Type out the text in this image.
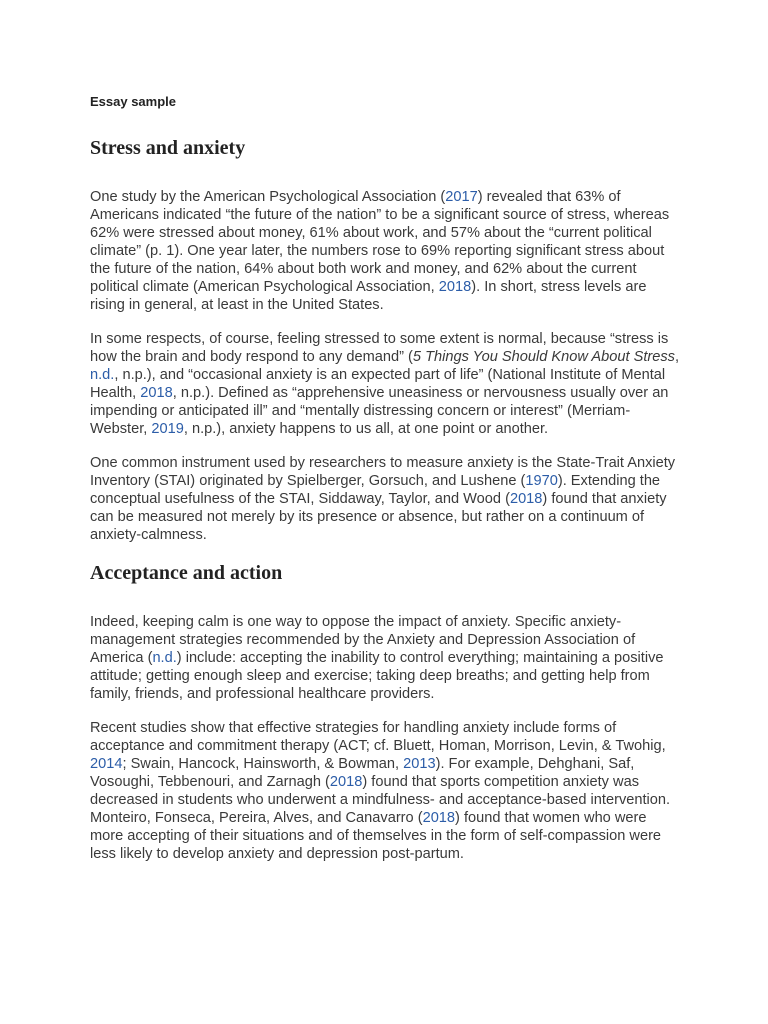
Essay sample
Stress and anxiety

One study by the American Psychological Association (2017) revealed that 63% of Americans indicated “the future of the nation” to be a significant source of stress, whereas 62% were stressed about money, 61% about work, and 57% about the “current political climate” (p. 1). One year later, the numbers rose to 69% reporting significant stress about the future of the nation, 64% about both work and money, and 62% about the current political climate (American Psychological Association, 2018). In short, stress levels are rising in general, at least in the United States.

In some respects, of course, feeling stressed to some extent is normal, because “stress is how the brain and body respond to any demand” (5 Things You Should Know About Stress, n.d., n.p.), and “occasional anxiety is an expected part of life” (National Institute of Mental Health, 2018, n.p.). Defined as “apprehensive uneasiness or nervousness usually over an impending or anticipated ill” and “mentally distressing concern or interest” (Merriam-Webster, 2019, n.p.), anxiety happens to us all, at one point or another.

One common instrument used by researchers to measure anxiety is the State-Trait Anxiety Inventory (STAI) originated by Spielberger, Gorsuch, and Lushene (1970). Extending the conceptual usefulness of the STAI, Siddaway, Taylor, and Wood (2018) found that anxiety can be measured not merely by its presence or absence, but rather on a continuum of anxiety-calmness.

Acceptance and action

Indeed, keeping calm is one way to oppose the impact of anxiety. Specific anxiety-management strategies recommended by the Anxiety and Depression Association of America (n.d.) include: accepting the inability to control everything; maintaining a positive attitude; getting enough sleep and exercise; taking deep breaths; and getting help from family, friends, and professional healthcare providers.

Recent studies show that effective strategies for handling anxiety include forms of acceptance and commitment therapy (ACT; cf. Bluett, Homan, Morrison, Levin, & Twohig, 2014; Swain, Hancock, Hainsworth, & Bowman, 2013). For example, Dehghani, Saf, Vosoughi, Tebbenouri, and Zarnagh (2018) found that sports competition anxiety was decreased in students who underwent a mindfulness- and acceptance-based intervention. Monteiro, Fonseca, Pereira, Alves, and Canavarro (2018) found that women who were more accepting of their situations and of themselves in the form of self-compassion were less likely to develop anxiety and depression post-partum.
